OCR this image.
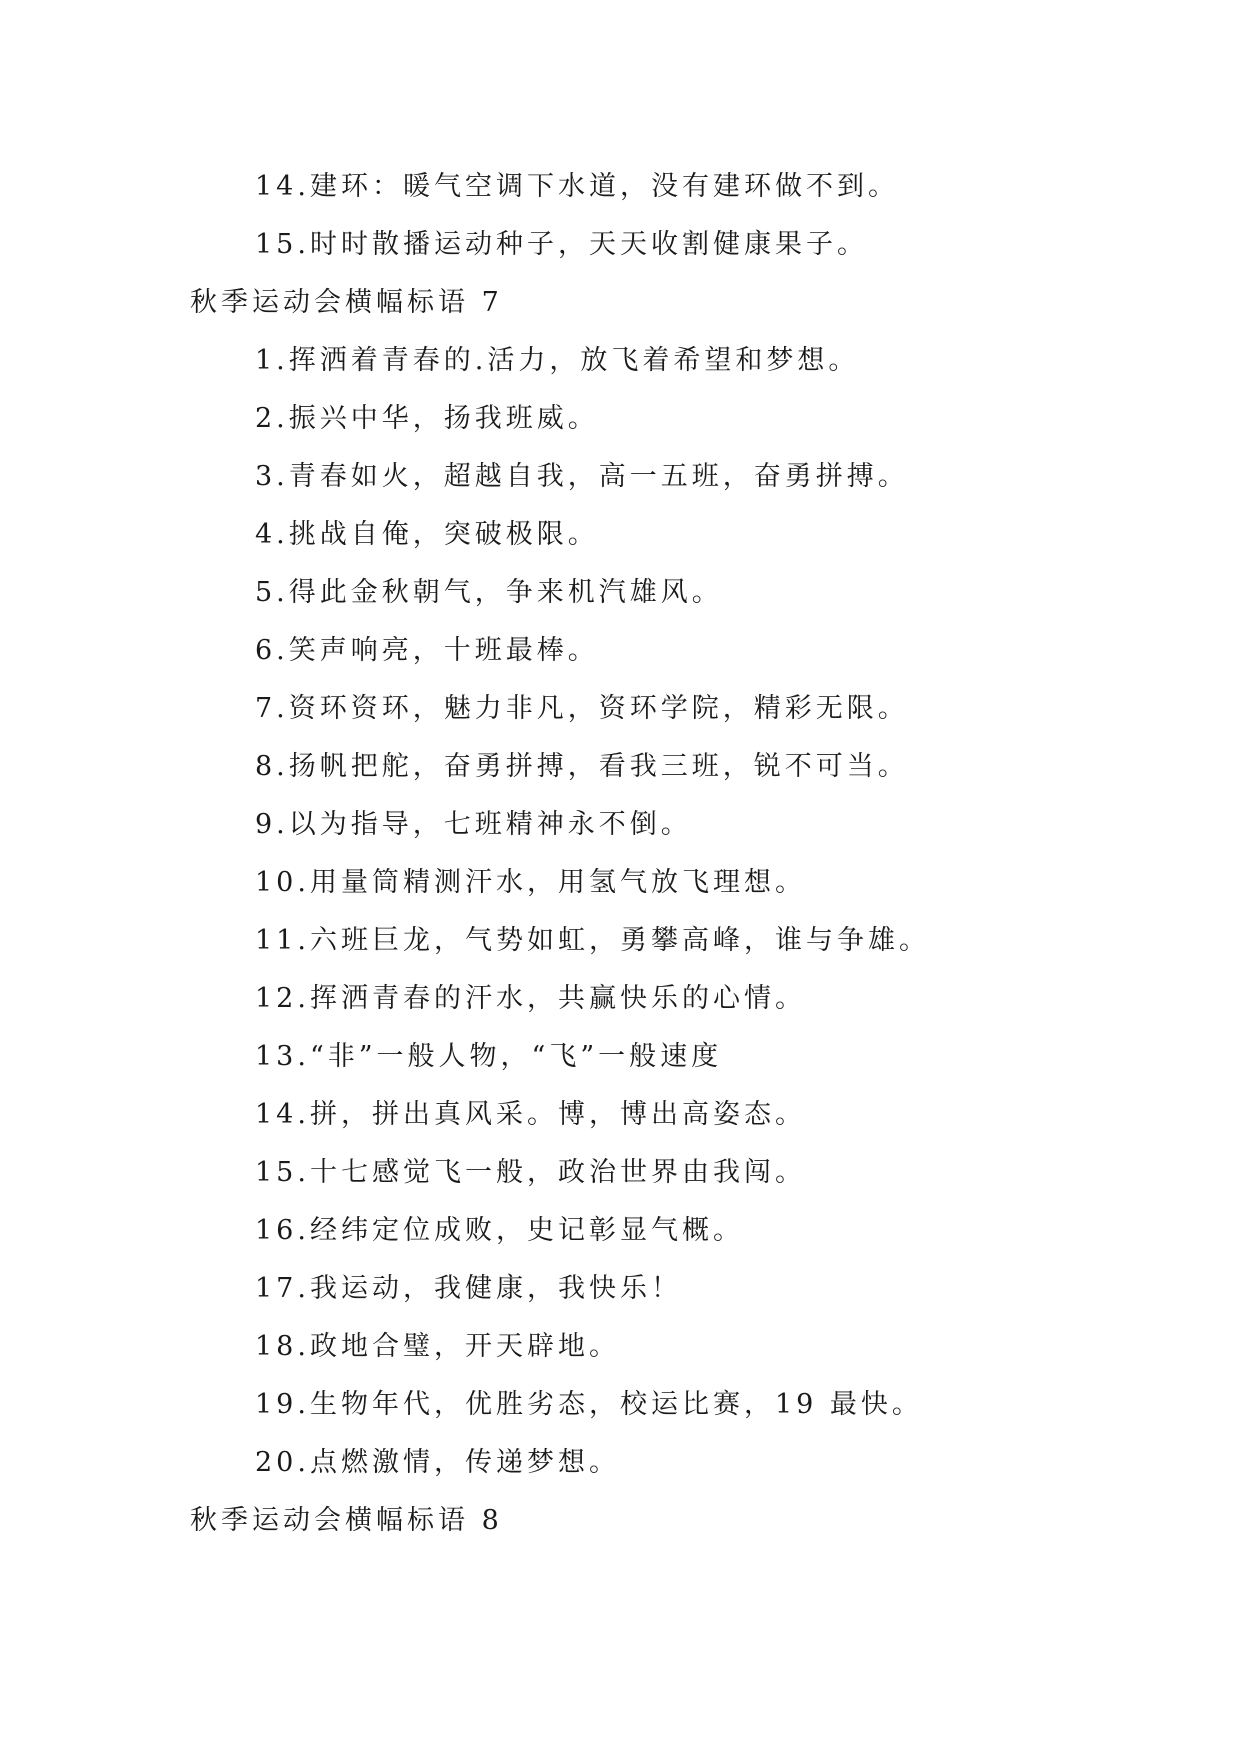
14.建环：暖气空调下水道，没有建环做不到。
15.时时散播运动种子，天天收割健康果子。
秋季运动会横幅标语 7
1.挥洒着青春的.活力，放飞着希望和梦想。
2.振兴中华，扬我班威。
3.青春如火，超越自我，高一五班，奋勇拼搏。
4.挑战自俺，突破极限。
5.得此金秋朝气，争来机汽雄风。
6.笑声响亮，十班最棒。
7.资环资环，魅力非凡，资环学院，精彩无限。
8.扬帆把舵，奋勇拼搏，看我三班，锐不可当。
9.以为指导，七班精神永不倒。
10.用量筒精测汗水，用氢气放飞理想。
11.六班巨龙，气势如虹，勇攀高峰，谁与争雄。
12.挥洒青春的汗水，共赢快乐的心情。
13.“非”一般人物，“飞”一般速度
14.拼，拼出真风采。博，博出高姿态。
15.十七感觉飞一般，政治世界由我闯。
16.经纬定位成败，史记彰显气概。
17.我运动，我健康，我快乐！
18.政地合璧，开天辟地。
19.生物年代，优胜劣态，校运比赛，19 最快。
20.点燃激情，传递梦想。
秋季运动会横幅标语 8
